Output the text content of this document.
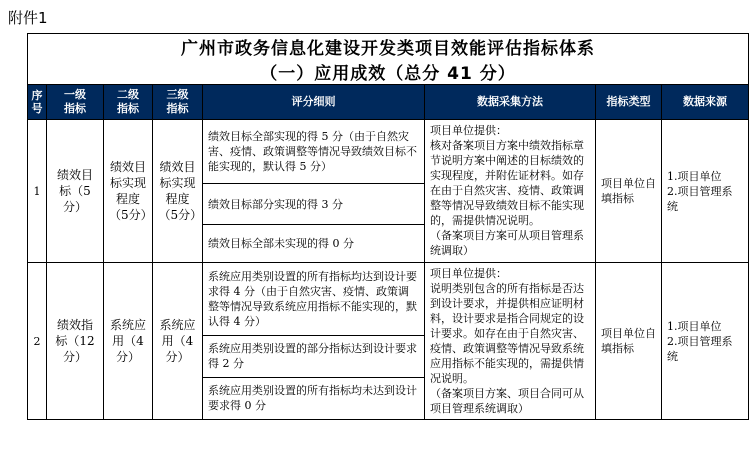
附件1
广州市政务信息化建设开发类项目效能评估指标体系							
（一）应用成效（总分 41 分）							
序号	一级指标	二级指标	三级指标	评分细则	数据采集方法	指标类型	数据来源
1	绩效目标（5分）	绩效目标实现程度（5分）	绩效目标实现程度（5分）	绩效目标全部实现的得 5 分（由于自然灾害、疫情、政策调整等情况导致绩效目标不能实现的，默认得 5 分）	项目单位提供：
核对备案项目方案中绩效指标章节说明方案中阐述的目标绩效的实现程度，并附佐证材料。如存在由于自然灾害、疫情、政策调整等情况导致绩效目标不能实现的，需提供情况说明。
（备案项目方案可从项目管理系统调取）	项目单位自填指标	1.项目单位
2.项目管理系统
				绩效目标部分实现的得 3 分			
				绩效目标全部未实现的得 0 分			
2	绩效指标（12分）	系统应用（4分）	系统应用（4分）	系统应用类别设置的所有指标均达到设计要求得 4 分（由于自然灾害、疫情、政策调整等情况导致系统应用指标不能实现的，默认得 4 分）	项目单位提供：
说明类别包含的所有指标是否达到设计要求，并提供相应证明材料，设计要求是指合同规定的设计要求。如存在由于自然灾害、疫情、政策调整等情况导致系统应用指标不能实现的，需提供情况说明。
（备案项目方案、项目合同可从项目管理系统调取）	项目单位自填指标	1.项目单位
2.项目管理系统
				系统应用类别设置的部分指标达到设计要求得 2 分			
				系统应用类别设置的所有指标均未达到设计要求得 0 分			
